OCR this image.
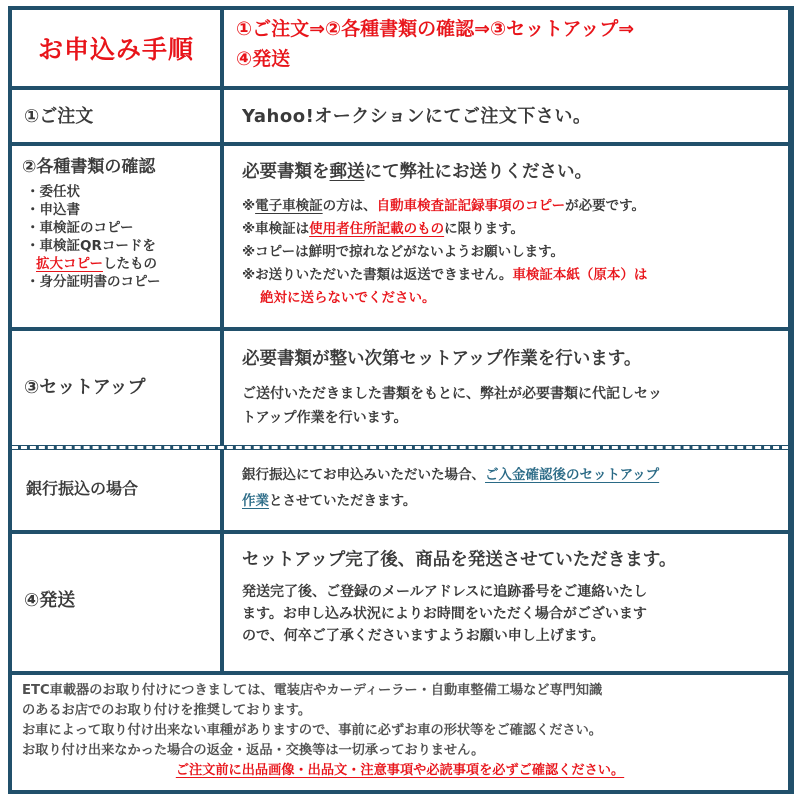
お申込み手順
①ご注文⇒②各種書類の確認⇒③セットアップ⇒
④発送
①ご注文	Yahoo!オークションにてご注文下さい。
②各種書類の確認
・委任状
・申込書
・車検証のコピー
・車検証QRコードを
拡大コピーしたもの
・身分証明書のコピー
必要書類を郵送にて弊社にお送りください。
※電子車検証の方は、自動車検査証記録事項のコピーが必要です。
※車検証は使用者住所記載のものに限ります。
※コピーは鮮明で掠れなどがないようお願いします。
※お送りいただいた書類は返送できません。車検証本紙（原本）は
絶対に送らないでください。
③セットアップ
必要書類が整い次第セットアップ作業を行います。
ご送付いただきました書類をもとに、弊社が必要書類に代記しセッ
トアップ作業を行います。
銀行振込の場合
銀行振込にてお申込みいただいた場合、ご入金確認後のセットアップ
作業とさせていただきます。
④発送
セットアップ完了後、商品を発送させていただきます。
発送完了後、ご登録のメールアドレスに追跡番号をご連絡いたし
ます。お申し込み状況によりお時間をいただく場合がございます
ので、何卒ご了承くださいますようお願い申し上げます。
ETC車載器のお取り付けにつきましては、電装店やカーディーラー・自動車整備工場など専門知識
のあるお店でのお取り付けを推奨しております。
お車によって取り付け出来ない車種がありますので、事前に必ずお車の形状等をご確認ください。
お取り付け出来なかった場合の返金・返品・交換等は一切承っておりません。
ご注文前に出品画像・出品文・注意事項や必読事項を必ずご確認ください。
